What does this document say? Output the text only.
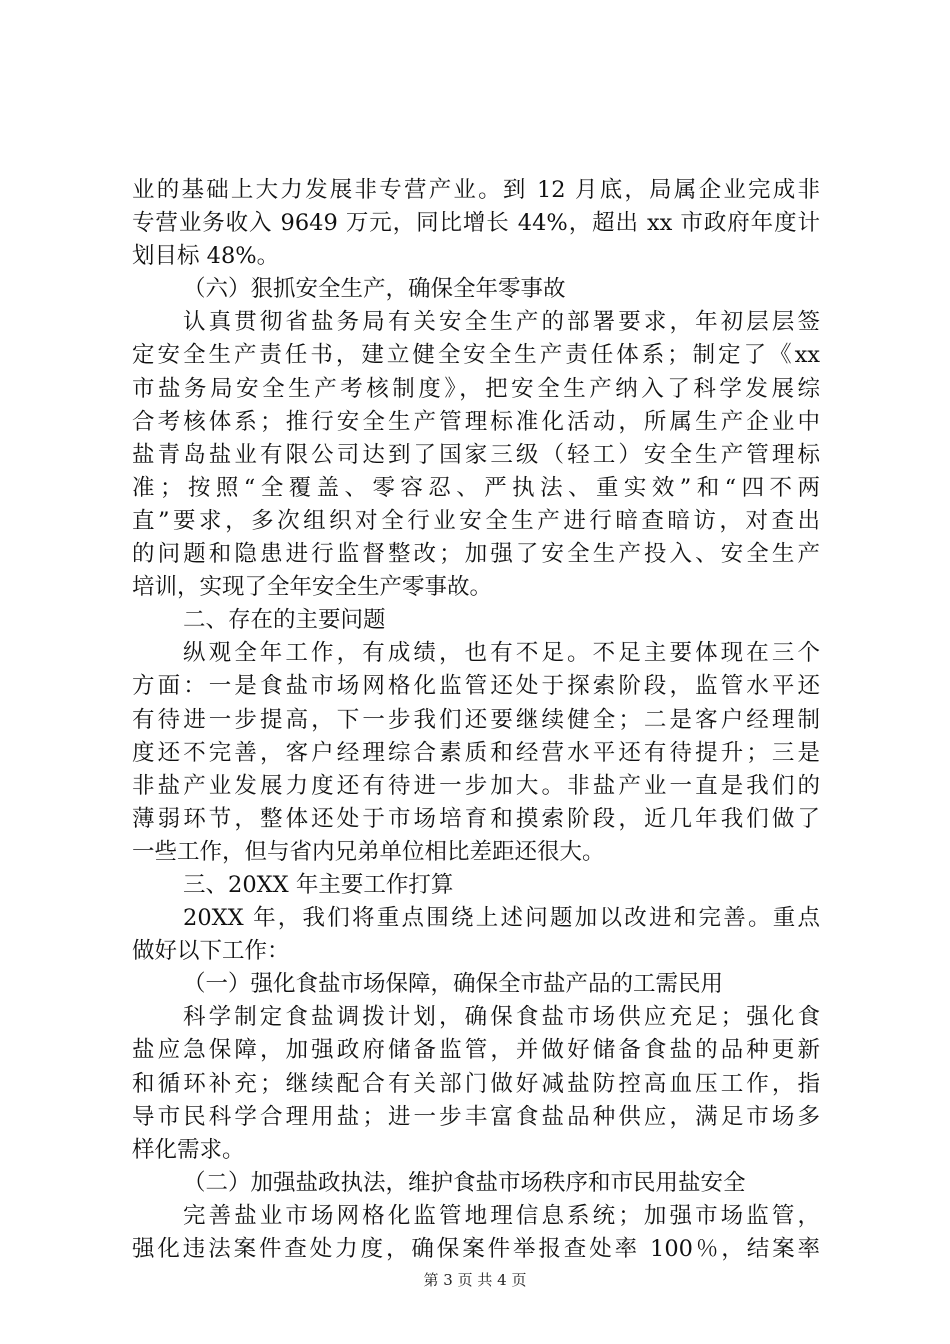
业的基础上大力发展非专营产业。到 12 月底，局属企业完成非
专营业务收入 9649 万元，同比增长 44%，超出 xx 市政府年度计
划目标 48%。
（六）狠抓安全生产，确保全年零事故
认真贯彻省盐务局有关安全生产的部署要求，年初层层签
定安全生产责任书，建立健全安全生产责任体系；制定了《xx
市盐务局安全生产考核制度》，把安全生产纳入了科学发展综
合考核体系；推行安全生产管理标准化活动，所属生产企业中
盐青岛盐业有限公司达到了国家三级（轻工）安全生产管理标
准；按照“全覆盖、零容忍、严执法、重实效”和“四不两
直”要求，多次组织对全行业安全生产进行暗查暗访，对查出
的问题和隐患进行监督整改；加强了安全生产投入、安全生产
培训，实现了全年安全生产零事故。
二、存在的主要问题
纵观全年工作，有成绩，也有不足。不足主要体现在三个
方面：一是食盐市场网格化监管还处于探索阶段，监管水平还
有待进一步提高，下一步我们还要继续健全；二是客户经理制
度还不完善，客户经理综合素质和经营水平还有待提升；三是
非盐产业发展力度还有待进一步加大。非盐产业一直是我们的
薄弱环节，整体还处于市场培育和摸索阶段，近几年我们做了
一些工作，但与省内兄弟单位相比差距还很大。
三、20XX 年主要工作打算
20XX 年，我们将重点围绕上述问题加以改进和完善。重点
做好以下工作：
（一）强化食盐市场保障，确保全市盐产品的工需民用
科学制定食盐调拨计划，确保食盐市场供应充足；强化食
盐应急保障，加强政府储备监管，并做好储备食盐的品种更新
和循环补充；继续配合有关部门做好减盐防控高血压工作，指
导市民科学合理用盐；进一步丰富食盐品种供应，满足市场多
样化需求。
（二）加强盐政执法，维护食盐市场秩序和市民用盐安全
完善盐业市场网格化监管地理信息系统；加强市场监管，
强化违法案件查处力度，确保案件举报查处率 100％，结案率
第 3 页 共 4 页
